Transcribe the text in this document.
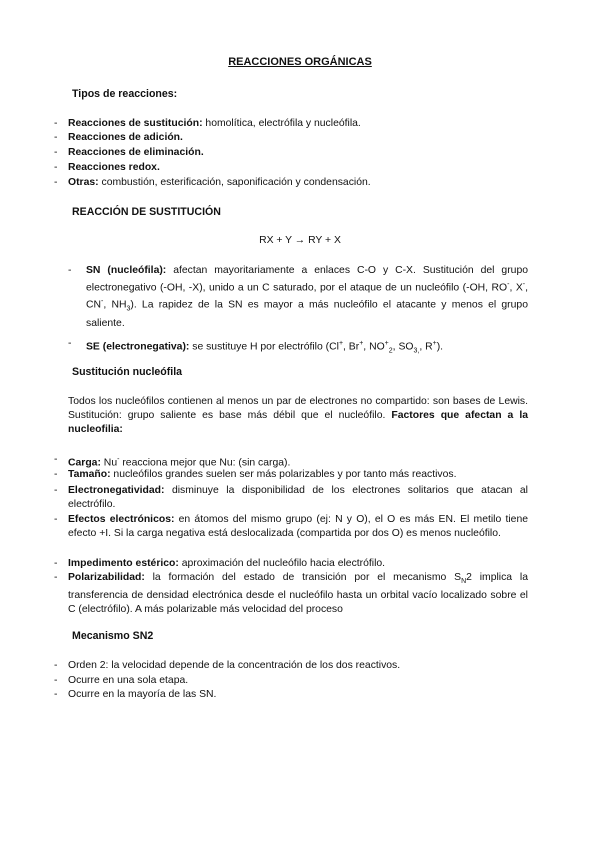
REACCIONES ORGÁNICAS
Tipos de reacciones:
- Reacciones de sustitución: homolítica, electrófila y nucleófila.
- Reacciones de adición.
- Reacciones de eliminación.
- Reacciones redox.
- Otras: combustión, esterificación, saponificación y condensación.
REACCIÓN DE SUSTITUCIÓN
RX + Y → RY + X
- SN (nucleófila): afectan mayoritariamente a enlaces C-O y C-X. Sustitución del grupo electronegativo (-OH, -X), unido a un C saturado, por el ataque de un nucleófilo (-OH, RO-, X-, CN-, $NH_3$). La rapidez de la SN es mayor a más nucleófilo el atacante y menos el grupo saliente.
- SE (electronegativa): se sustituye H por electrófilo (Cl+, Br+, $NO^+_2$, $SO_{3,}$, R+).
Sustitución nucleófila
Todos los nucleófilos contienen al menos un par de electrones no compartido: son bases de Lewis. Sustitución: grupo saliente es base más débil que el nucleófilo. Factores que afectan a la nucleofilia:
- Carga: Nu- reacciona mejor que Nu: (sin carga).
- Tamaño: nucleófilos grandes suelen ser más polarizables y por tanto más reactivos.
- Electronegatividad: disminuye la disponibilidad de los electrones solitarios que atacan al electrófilo.
- Efectos electrónicos: en átomos del mismo grupo (ej: N y O), el O es más EN. El metilo tiene efecto +I. Si la carga negativa está deslocalizada (compartida por dos O) es menos nucleófilo.
- Impedimento estérico: aproximación del nucleófilo hacia electrófilo.
- Polarizabilidad: la formación del estado de transición por el mecanismo $S_N2$ implica la transferencia de densidad electrónica desde el nucleófilo hasta un orbital vacío localizado sobre el C (electrófilo). A más polarizable más velocidad del proceso
Mecanismo SN2
- Orden 2: la velocidad depende de la concentración de los dos reactivos.
- Ocurre en una sola etapa.
- Ocurre en la mayoría de las SN.
